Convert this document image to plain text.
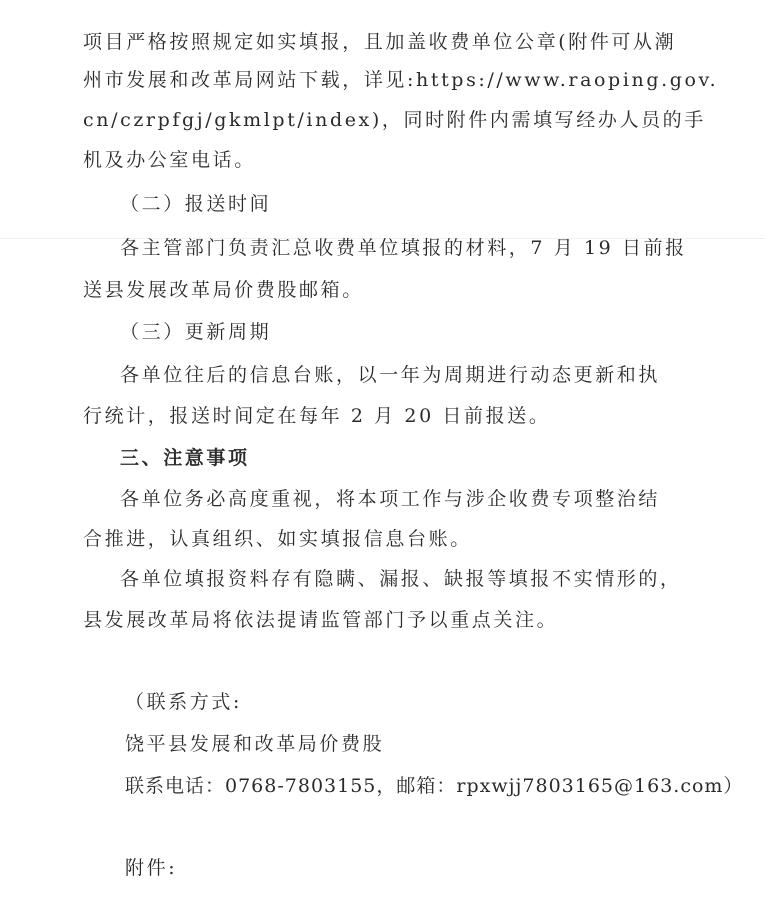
项目严格按照规定如实填报，且加盖收费单位公章(附件可从潮
州市发展和改革局网站下载，详见:https://www.raoping.gov.
cn/czrpfgj/gkmlpt/index)，同时附件内需填写经办人员的手
机及办公室电话。
（二）报送时间
各主管部门负责汇总收费单位填报的材料，7 月 19 日前报
送县发展改革局价费股邮箱。
（三）更新周期
各单位往后的信息台账，以一年为周期进行动态更新和执
行统计，报送时间定在每年 2 月 20 日前报送。
三、注意事项
各单位务必高度重视，将本项工作与涉企收费专项整治结
合推进，认真组织、如实填报信息台账。
各单位填报资料存有隐瞒、漏报、缺报等填报不实情形的，
县发展改革局将依法提请监管部门予以重点关注。
（联系方式:
饶平县发展和改革局价费股
联系电话：0768-7803155，邮箱：rpxwjj7803165@163.com）
附件:
